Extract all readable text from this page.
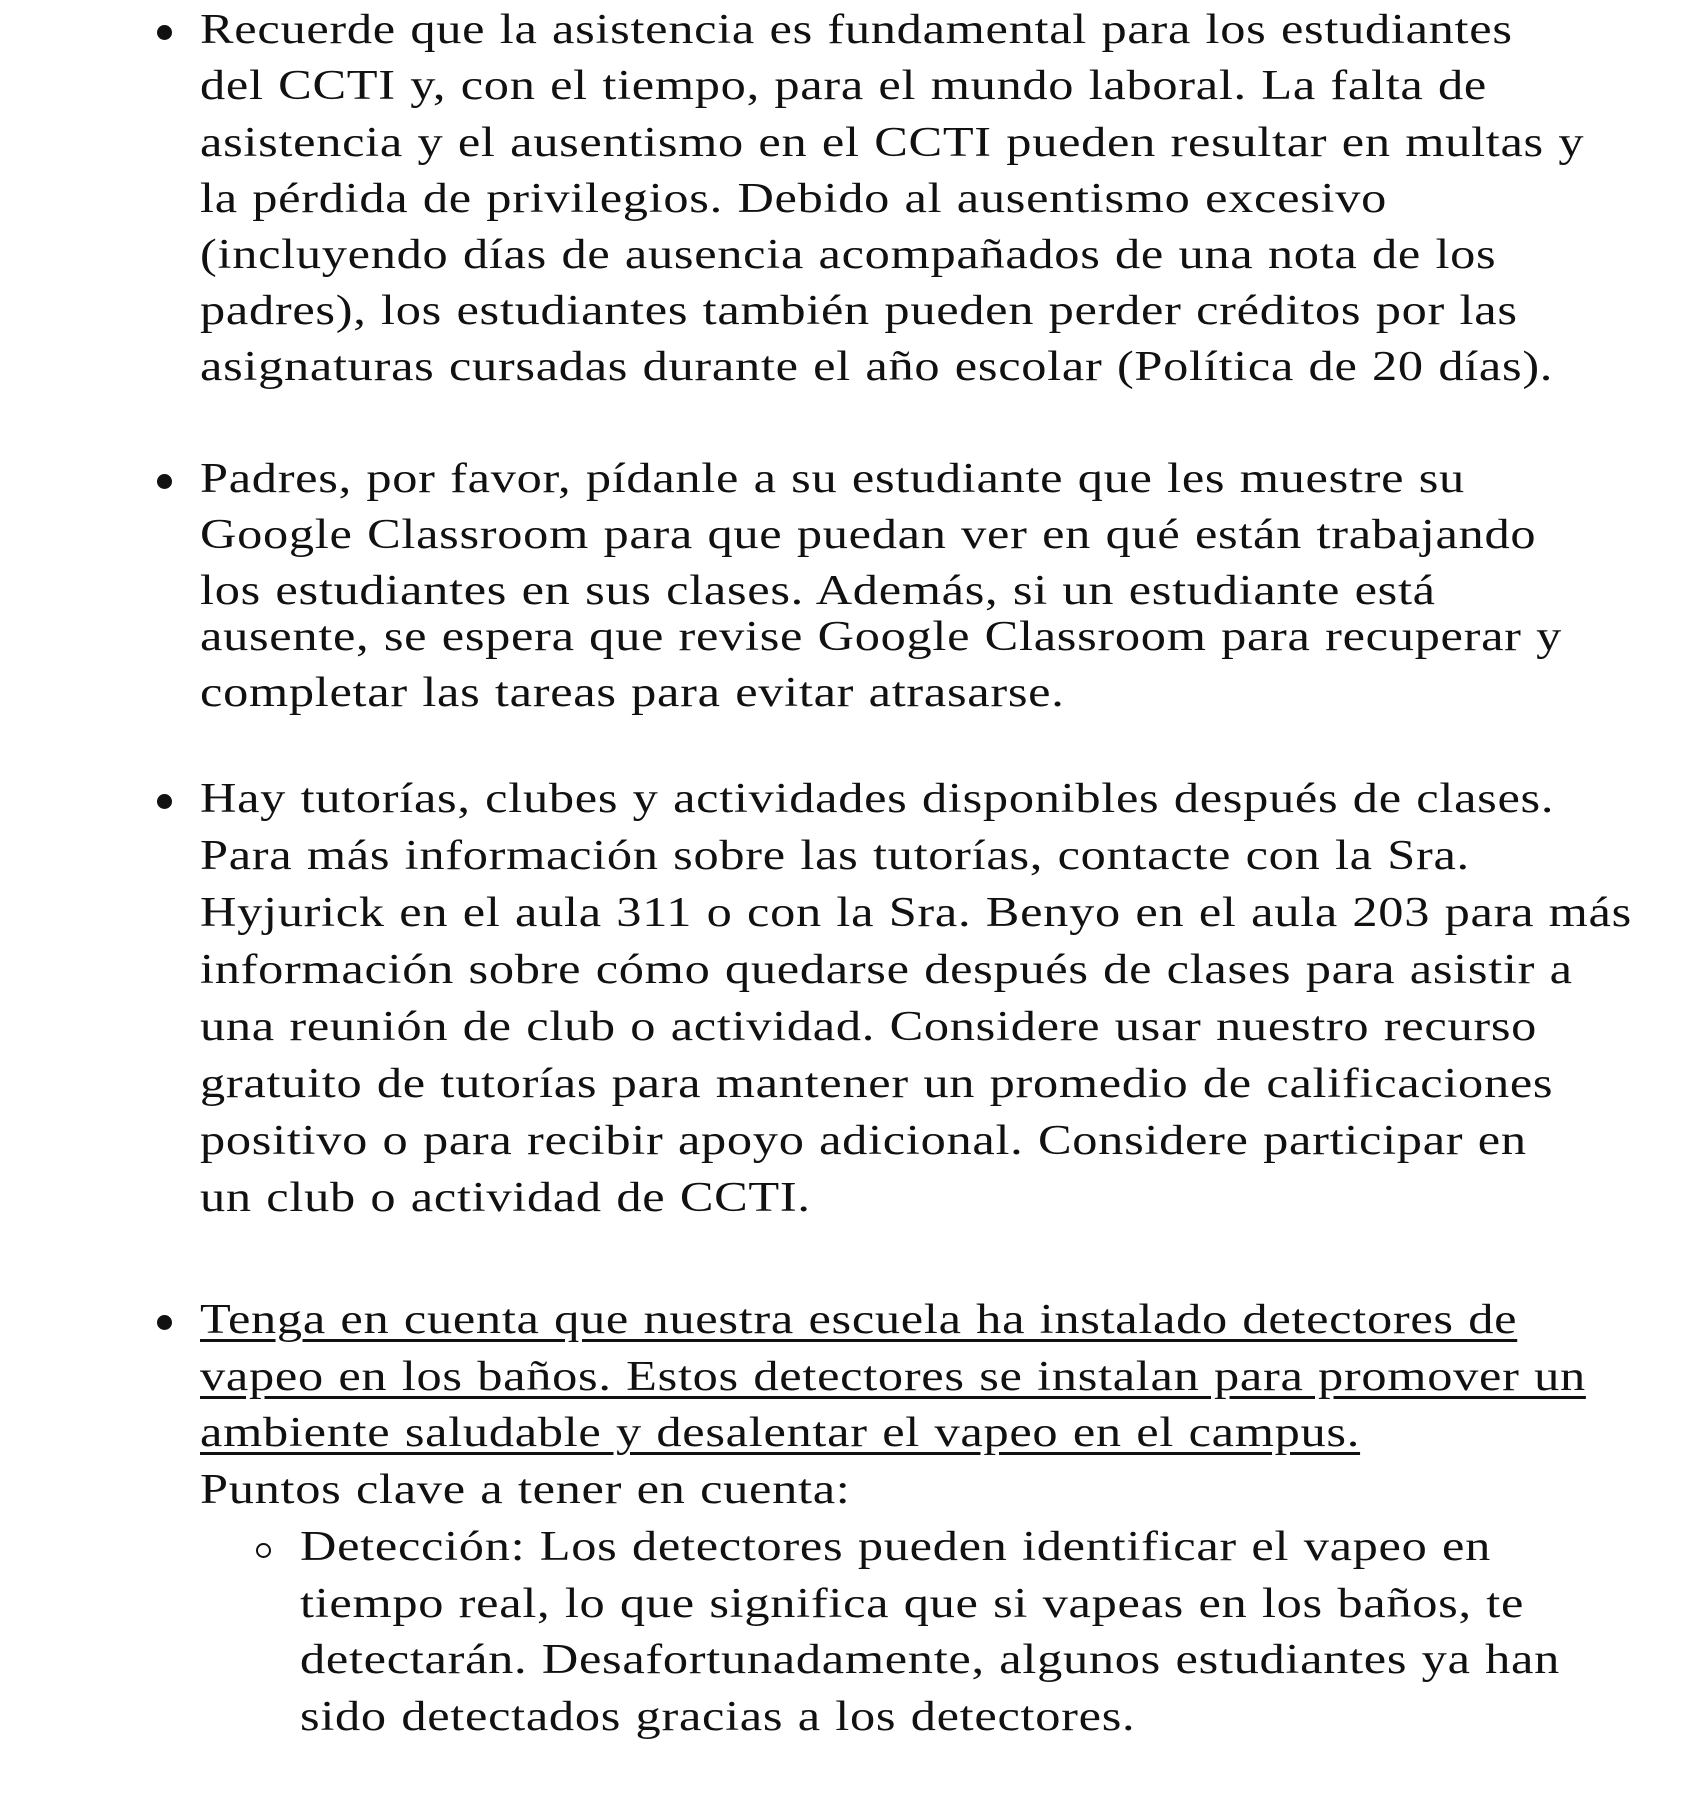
Recuerde que la asistencia es fundamental para los estudiantes
del CCTI y, con el tiempo, para el mundo laboral. La falta de
asistencia y el ausentismo en el CCTI pueden resultar en multas y
la pérdida de privilegios. Debido al ausentismo excesivo
(incluyendo días de ausencia acompañados de una nota de los
padres), los estudiantes también pueden perder créditos por las
asignaturas cursadas durante el año escolar (Política de 20 días).
Padres, por favor, pídanle a su estudiante que les muestre su
Google Classroom para que puedan ver en qué están trabajando
los estudiantes en sus clases. Además, si un estudiante está
ausente, se espera que revise Google Classroom para recuperar y
completar las tareas para evitar atrasarse.
Hay tutorías, clubes y actividades disponibles después de clases.
Para más información sobre las tutorías, contacte con la Sra.
Hyjurick en el aula 311 o con la Sra. Benyo en el aula 203 para más
información sobre cómo quedarse después de clases para asistir a
una reunión de club o actividad. Considere usar nuestro recurso
gratuito de tutorías para mantener un promedio de calificaciones
positivo o para recibir apoyo adicional. Considere participar en
un club o actividad de CCTI.
Tenga en cuenta que nuestra escuela ha instalado detectores de
vapeo en los baños. Estos detectores se instalan para promover un
ambiente saludable y desalentar el vapeo en el campus.
Puntos clave a tener en cuenta:
Detección: Los detectores pueden identificar el vapeo en
tiempo real, lo que significa que si vapeas en los baños, te
detectarán. Desafortunadamente, algunos estudiantes ya han
sido detectados gracias a los detectores.
